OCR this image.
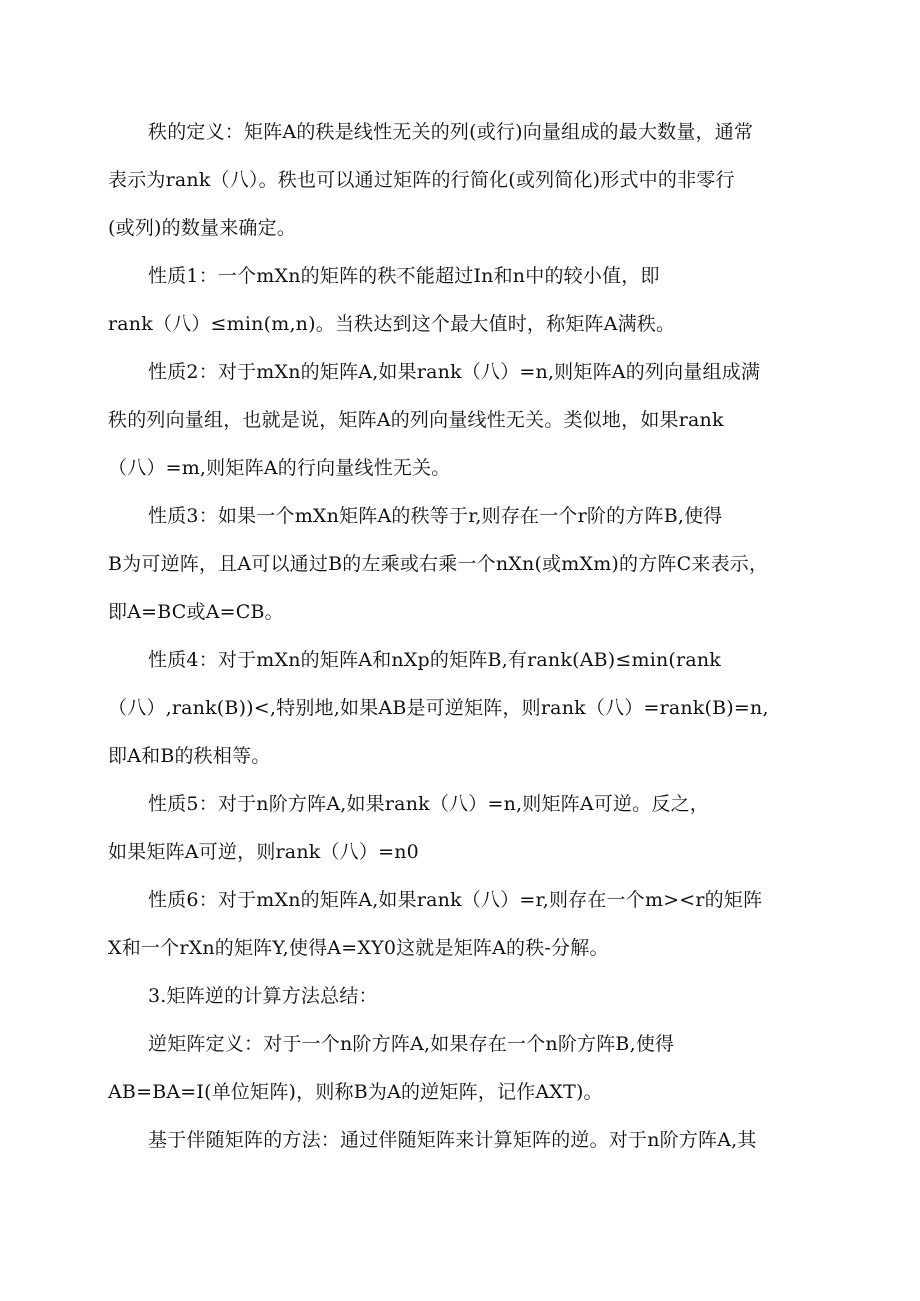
秩的定义：矩阵A的秩是线性无关的列(或行)向量组成的最大数量，通常
表示为rank（八）。秩也可以通过矩阵的行简化(或列简化)形式中的非零行
(或列)的数量来确定。

性质1：一个mXn的矩阵的秩不能超过In和n中的较小值，即
rank（八）≤min(m,n)。当秩达到这个最大值时，称矩阵A满秩。

性质2：对于mXn的矩阵A,如果rank（八）=n,则矩阵A的列向量组成满
秩的列向量组，也就是说，矩阵A的列向量线性无关。类似地，如果rank
（八）=m,则矩阵A的行向量线性无关。

性质3：如果一个mXn矩阵A的秩等于r,则存在一个r阶的方阵B,使得
B为可逆阵，且A可以通过B的左乘或右乘一个nXn(或mXm)的方阵C来表示，
即A=BC或A=CB。

性质4：对于mXn的矩阵A和nXp的矩阵B,有rank(AB)≤min(rank
（八）,rank(B))<,特别地,如果AB是可逆矩阵，则rank（八）=rank(B)=n,
即A和B的秩相等。

性质5：对于n阶方阵A,如果rank（八）=n,则矩阵A可逆。反之，
如果矩阵A可逆，则rank（八）=n0

性质6：对于mXn的矩阵A,如果rank（八）=r,则存在一个m><r的矩阵
X和一个rXn的矩阵Y,使得A=XY0这就是矩阵A的秩-分解。

3.矩阵逆的计算方法总结：

逆矩阵定义：对于一个n阶方阵A,如果存在一个n阶方阵B,使得
AB=BA=I(单位矩阵)，则称B为A的逆矩阵，记作AXT)。

基于伴随矩阵的方法：通过伴随矩阵来计算矩阵的逆。对于n阶方阵A,其
